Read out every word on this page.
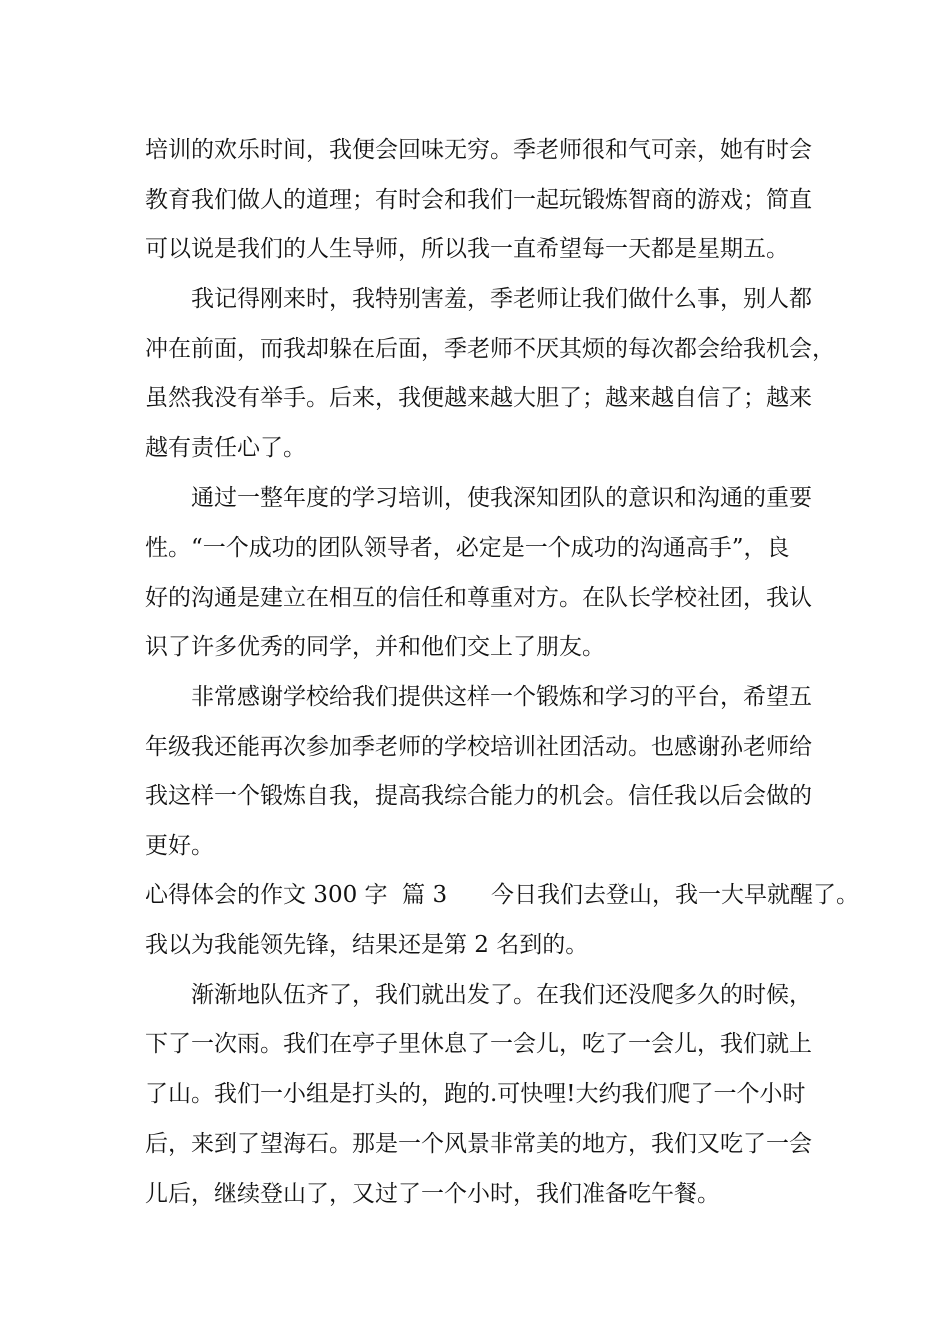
培训的欢乐时间，我便会回味无穷。季老师很和气可亲，她有时会
教育我们做人的道理；有时会和我们一起玩锻炼智商的游戏；简直
可以说是我们的人生导师，所以我一直希望每一天都是星期五。
我记得刚来时，我特别害羞，季老师让我们做什么事，别人都
冲在前面，而我却躲在后面，季老师不厌其烦的每次都会给我机会，
虽然我没有举手。后来，我便越来越大胆了；越来越自信了；越来
越有责任心了。
通过一整年度的学习培训，使我深知团队的意识和沟通的重要
性。“一个成功的团队领导者，必定是一个成功的沟通高手”，良
好的沟通是建立在相互的信任和尊重对方。在队长学校社团，我认
识了许多优秀的同学，并和他们交上了朋友。
非常感谢学校给我们提供这样一个锻炼和学习的平台，希望五
年级我还能再次参加季老师的学校培训社团活动。也感谢孙老师给
我这样一个锻炼自我，提高我综合能力的机会。信任我以后会做的
更好。
心得体会的作文 300 字  篇 3      今日我们去登山，我一大早就醒了。
我以为我能领先锋，结果还是第 2 名到的。
渐渐地队伍齐了，我们就出发了。在我们还没爬多久的时候，
下了一次雨。我们在亭子里休息了一会儿，吃了一会儿，我们就上
了山。我们一小组是打头的，跑的.可快哩!大约我们爬了一个小时
后，来到了望海石。那是一个风景非常美的地方，我们又吃了一会
儿后，继续登山了，又过了一个小时，我们准备吃午餐。
